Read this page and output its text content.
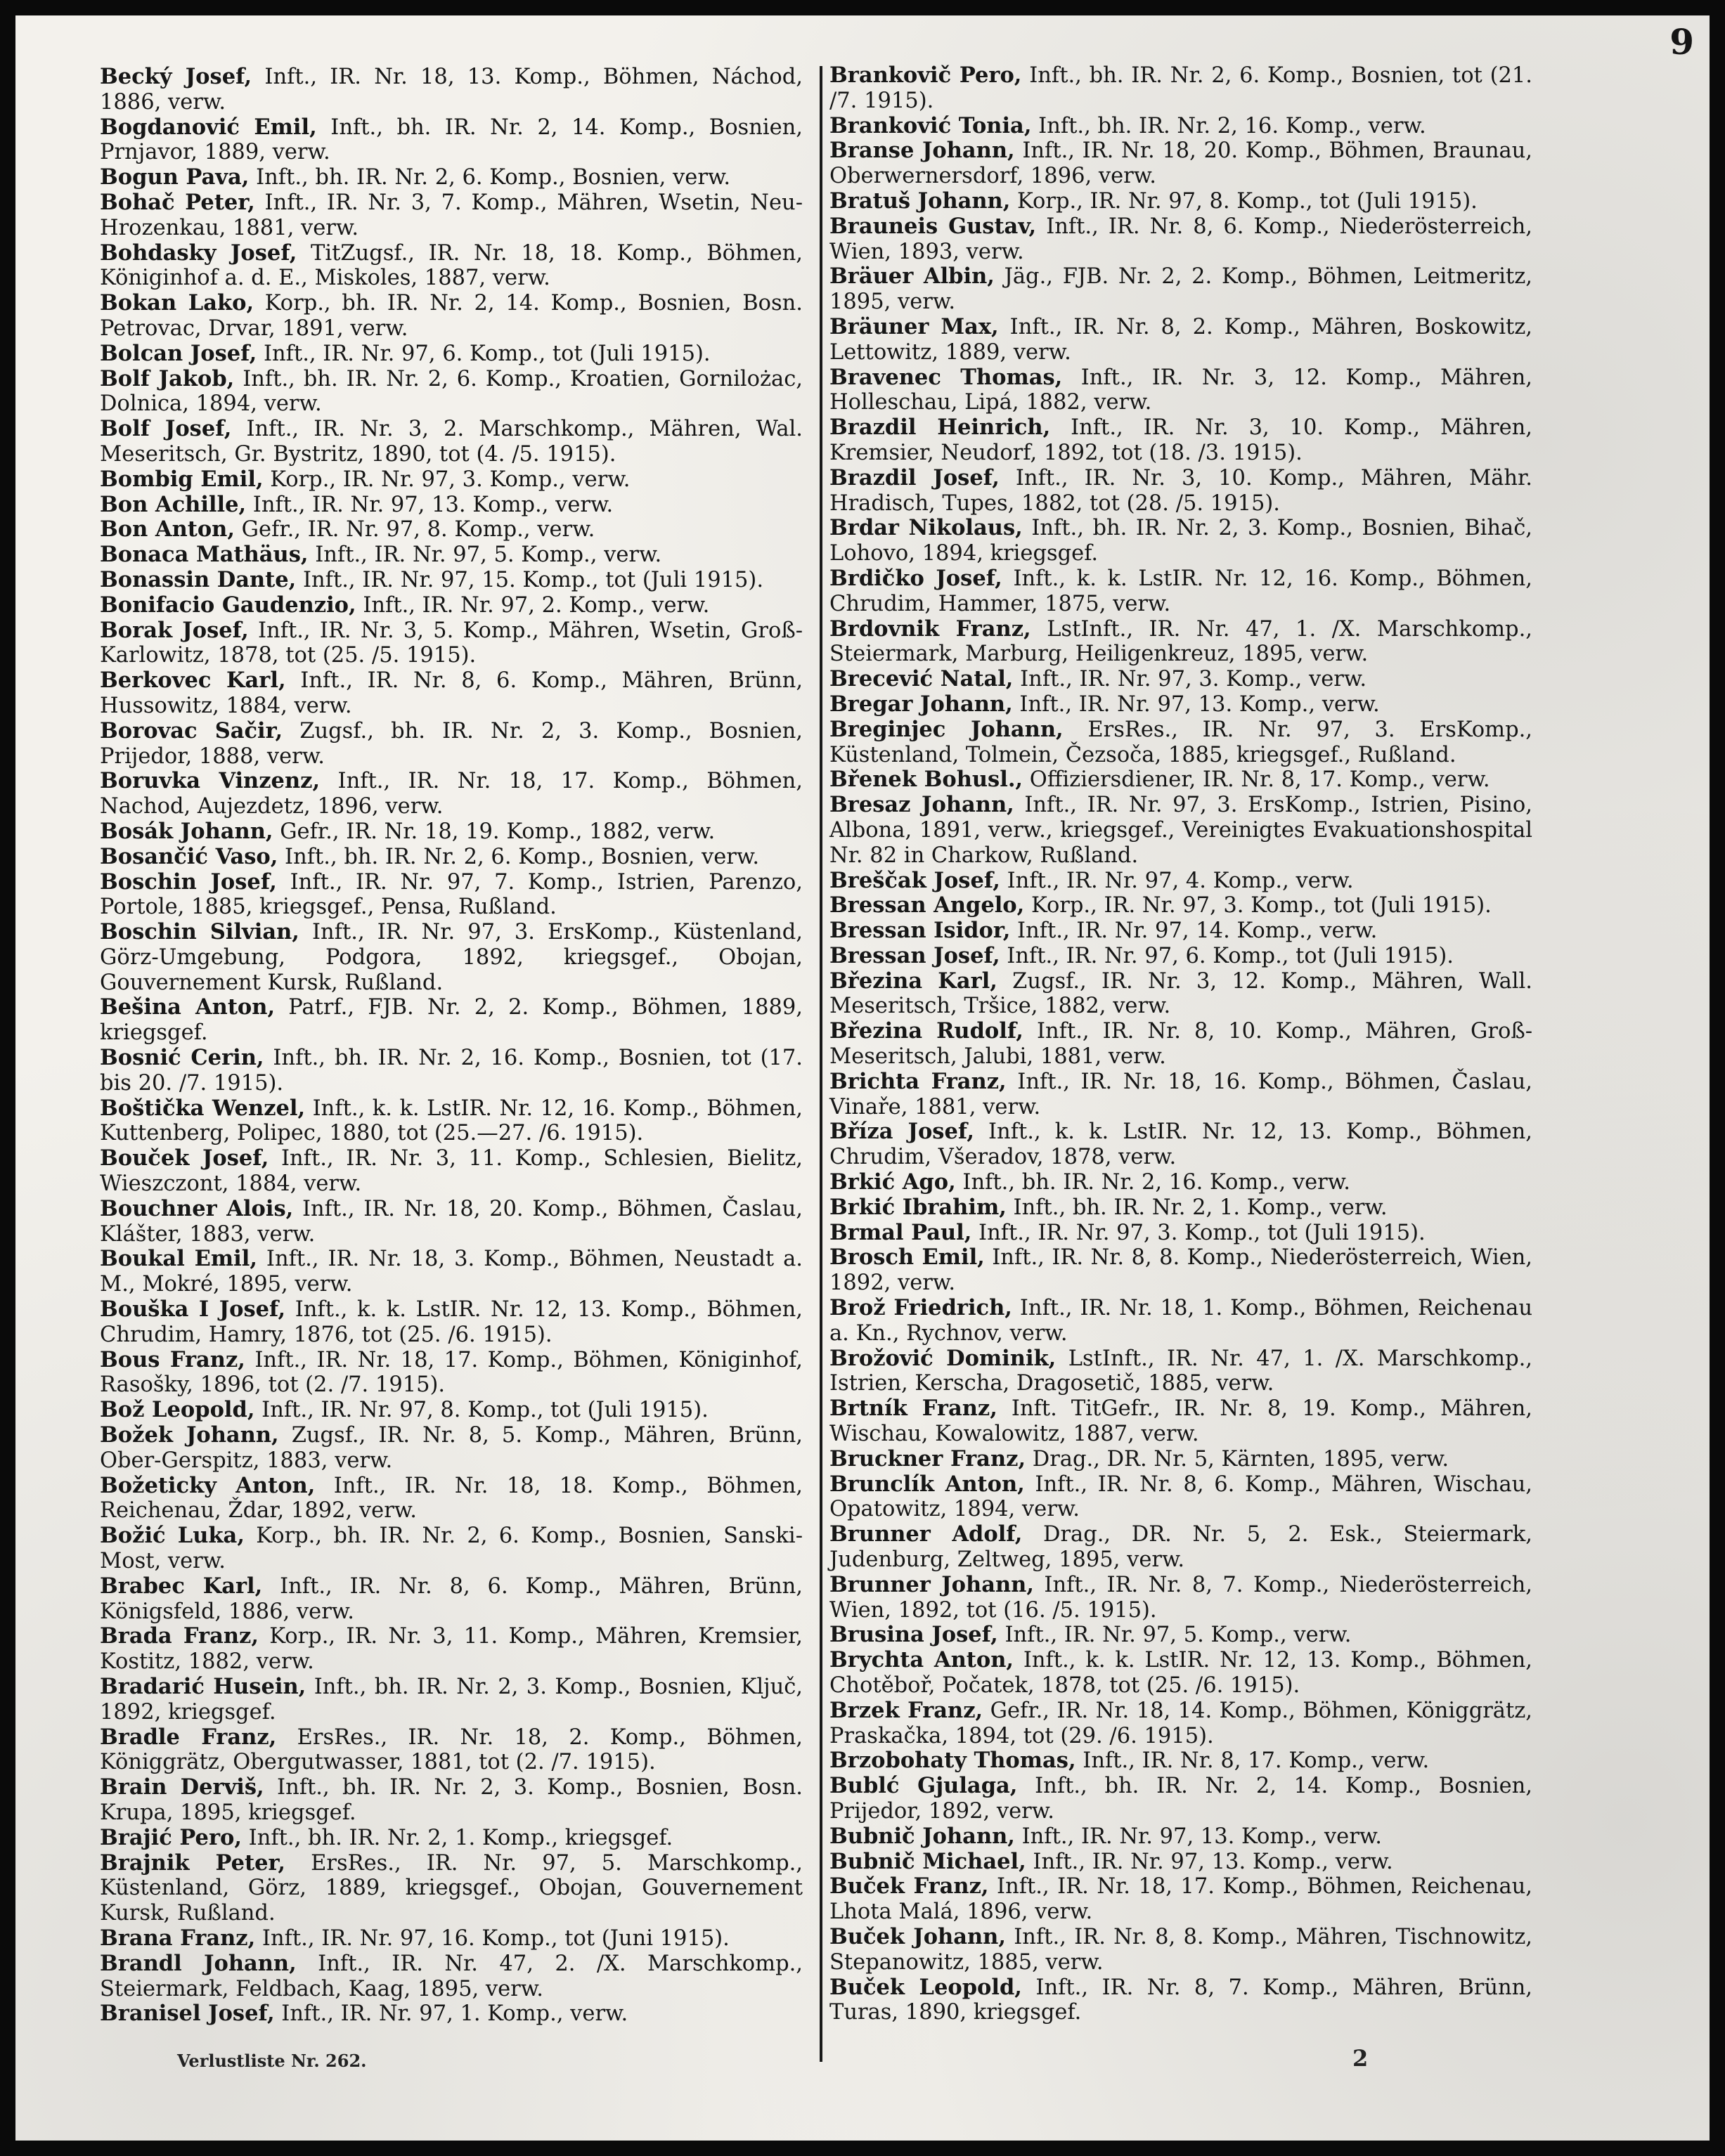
9

Becký Josef, Inft., IR. Nr. 18, 13. Komp., Böhmen, Náchod, 1886, verw.

Bogdanović Emil, Inft., bh. IR. Nr. 2, 14. Komp., Bosnien, Prnjavor, 1889, verw.

Bogun Pava, Inft., bh. IR. Nr. 2, 6. Komp., Bosnien, verw.

Bohač Peter, Inft., IR. Nr. 3, 7. Komp., Mähren, Wsetin, Neu-Hrozenkau, 1881, verw.

Bohdasky Josef, TitZugsf., IR. Nr. 18, 18. Komp., Böhmen, Königinhof a. d. E., Miskoles, 1887, verw.

Bokan Lako, Korp., bh. IR. Nr. 2, 14. Komp., Bosnien, Bosn. Petrovac, Drvar, 1891, verw.

Bolcan Josef, Inft., IR. Nr. 97, 6. Komp., tot (Juli 1915).

Bolf Jakob, Inft., bh. IR. Nr. 2, 6. Komp., Kroatien, Gornilożac, Dolnica, 1894, verw.

Bolf Josef, Inft., IR. Nr. 3, 2. Marschkomp., Mähren, Wal. Meseritsch, Gr. Bystritz, 1890, tot (4. /5. 1915).

Bombig Emil, Korp., IR. Nr. 97, 3. Komp., verw.

Bon Achille, Inft., IR. Nr. 97, 13. Komp., verw.

Bon Anton, Gefr., IR. Nr. 97, 8. Komp., verw.

Bonaca Mathäus, Inft., IR. Nr. 97, 5. Komp., verw.

Bonassin Dante, Inft., IR. Nr. 97, 15. Komp., tot (Juli 1915).

Bonifacio Gaudenzio, Inft., IR. Nr. 97, 2. Komp., verw.

Borak Josef, Inft., IR. Nr. 3, 5. Komp., Mähren, Wsetin, Groß-Karlowitz, 1878, tot (25. /5. 1915).

Berkovec Karl, Inft., IR. Nr. 8, 6. Komp., Mähren, Brünn, Hussowitz, 1884, verw.

Borovac Sačir, Zugsf., bh. IR. Nr. 2, 3. Komp., Bosnien, Prijedor, 1888, verw.

Boruvka Vinzenz, Inft., IR. Nr. 18, 17. Komp., Böhmen, Nachod, Aujezdetz, 1896, verw.

Bosák Johann, Gefr., IR. Nr. 18, 19. Komp., 1882, verw.

Bosančić Vaso, Inft., bh. IR. Nr. 2, 6. Komp., Bosnien, verw.

Boschin Josef, Inft., IR. Nr. 97, 7. Komp., Istrien, Parenzo, Portole, 1885, kriegsgef., Pensa, Rußland.

Boschin Silvian, Inft., IR. Nr. 97, 3. ErsKomp., Küstenland, Görz-Umgebung, Podgora, 1892, kriegsgef., Obojan, Gouvernement Kursk, Rußland.

Bešina Anton, Patrf., FJB. Nr. 2, 2. Komp., Böhmen, 1889, kriegsgef.

Bosnić Cerin, Inft., bh. IR. Nr. 2, 16. Komp., Bosnien, tot (17. bis 20. /7. 1915).

Boštička Wenzel, Inft., k. k. LstIR. Nr. 12, 16. Komp., Böhmen, Kuttenberg, Polipec, 1880, tot (25.—27. /6. 1915).

Bouček Josef, Inft., IR. Nr. 3, 11. Komp., Schlesien, Bielitz, Wieszczont, 1884, verw.

Bouchner Alois, Inft., IR. Nr. 18, 20. Komp., Böhmen, Časlau, Klášter, 1883, verw.

Boukal Emil, Inft., IR. Nr. 18, 3. Komp., Böhmen, Neustadt a. M., Mokré, 1895, verw.

Bouška I Josef, Inft., k. k. LstIR. Nr. 12, 13. Komp., Böhmen, Chrudim, Hamry, 1876, tot (25. /6. 1915).

Bous Franz, Inft., IR. Nr. 18, 17. Komp., Böhmen, Königinhof, Rasošky, 1896, tot (2. /7. 1915).

Bož Leopold, Inft., IR. Nr. 97, 8. Komp., tot (Juli 1915).

Božek Johann, Zugsf., IR. Nr. 8, 5. Komp., Mähren, Brünn, Ober-Gerspitz, 1883, verw.

Božeticky Anton, Inft., IR. Nr. 18, 18. Komp., Böhmen, Reichenau, Ždar, 1892, verw.

Božić Luka, Korp., bh. IR. Nr. 2, 6. Komp., Bosnien, Sanski-Most, verw.

Brabec Karl, Inft., IR. Nr. 8, 6. Komp., Mähren, Brünn, Königsfeld, 1886, verw.

Brada Franz, Korp., IR. Nr. 3, 11. Komp., Mähren, Kremsier, Kostitz, 1882, verw.

Bradarić Husein, Inft., bh. IR. Nr. 2, 3. Komp., Bosnien, Ključ, 1892, kriegsgef.

Bradle Franz, ErsRes., IR. Nr. 18, 2. Komp., Böhmen, Königgrätz, Obergutwasser, 1881, tot (2. /7. 1915).

Brain Derviš, Inft., bh. IR. Nr. 2, 3. Komp., Bosnien, Bosn. Krupa, 1895, kriegsgef.

Brajić Pero, Inft., bh. IR. Nr. 2, 1. Komp., kriegsgef.

Brajnik Peter, ErsRes., IR. Nr. 97, 5. Marschkomp., Küstenland, Görz, 1889, kriegsgef., Obojan, Gouvernement Kursk, Rußland.

Brana Franz, Inft., IR. Nr. 97, 16. Komp., tot (Juni 1915).

Brandl Johann, Inft., IR. Nr. 47, 2. /X. Marschkomp., Steiermark, Feldbach, Kaag, 1895, verw.

Branisel Josef, Inft., IR. Nr. 97, 1. Komp., verw.

Brankovič Pero, Inft., bh. IR. Nr. 2, 6. Komp., Bosnien, tot (21. /7. 1915).

Branković Tonia, Inft., bh. IR. Nr. 2, 16. Komp., verw.

Branse Johann, Inft., IR. Nr. 18, 20. Komp., Böhmen, Braunau, Oberwernersdorf, 1896, verw.

Bratuš Johann, Korp., IR. Nr. 97, 8. Komp., tot (Juli 1915).

Brauneis Gustav, Inft., IR. Nr. 8, 6. Komp., Niederösterreich, Wien, 1893, verw.

Bräuer Albin, Jäg., FJB. Nr. 2, 2. Komp., Böhmen, Leitmeritz, 1895, verw.

Bräuner Max, Inft., IR. Nr. 8, 2. Komp., Mähren, Boskowitz, Lettowitz, 1889, verw.

Bravenec Thomas, Inft., IR. Nr. 3, 12. Komp., Mähren, Holleschau, Lipá, 1882, verw.

Brazdil Heinrich, Inft., IR. Nr. 3, 10. Komp., Mähren, Kremsier, Neudorf, 1892, tot (18. /3. 1915).

Brazdil Josef, Inft., IR. Nr. 3, 10. Komp., Mähren, Mähr. Hradisch, Tupes, 1882, tot (28. /5. 1915).

Brdar Nikolaus, Inft., bh. IR. Nr. 2, 3. Komp., Bosnien, Bihač, Lohovo, 1894, kriegsgef.

Brdičko Josef, Inft., k. k. LstIR. Nr. 12, 16. Komp., Böhmen, Chrudim, Hammer, 1875, verw.

Brdovnik Franz, LstInft., IR. Nr. 47, 1. /X. Marschkomp., Steiermark, Marburg, Heiligenkreuz, 1895, verw.

Brecević Natal, Inft., IR. Nr. 97, 3. Komp., verw.

Bregar Johann, Inft., IR. Nr. 97, 13. Komp., verw.

Breginjec Johann, ErsRes., IR. Nr. 97, 3. ErsKomp., Küstenland, Tolmein, Čezsoča, 1885, kriegsgef., Rußland.

Břenek Bohusl., Offiziersdiener, IR. Nr. 8, 17. Komp., verw.

Bresaz Johann, Inft., IR. Nr. 97, 3. ErsKomp., Istrien, Pisino, Albona, 1891, verw., kriegsgef., Vereinigtes Evakuationshospital Nr. 82 in Charkow, Rußland.

Breščak Josef, Inft., IR. Nr. 97, 4. Komp., verw.

Bressan Angelo, Korp., IR. Nr. 97, 3. Komp., tot (Juli 1915).

Bressan Isidor, Inft., IR. Nr. 97, 14. Komp., verw.

Bressan Josef, Inft., IR. Nr. 97, 6. Komp., tot (Juli 1915).

Březina Karl, Zugsf., IR. Nr. 3, 12. Komp., Mähren, Wall. Meseritsch, Tršice, 1882, verw.

Březina Rudolf, Inft., IR. Nr. 8, 10. Komp., Mähren, Groß-Meseritsch, Jalubi, 1881, verw.

Brichta Franz, Inft., IR. Nr. 18, 16. Komp., Böhmen, Časlau, Vinaře, 1881, verw.

Bříza Josef, Inft., k. k. LstIR. Nr. 12, 13. Komp., Böhmen, Chrudim, Všeradov, 1878, verw.

Brkić Ago, Inft., bh. IR. Nr. 2, 16. Komp., verw.

Brkić Ibrahim, Inft., bh. IR. Nr. 2, 1. Komp., verw.

Brmal Paul, Inft., IR. Nr. 97, 3. Komp., tot (Juli 1915).

Brosch Emil, Inft., IR. Nr. 8, 8. Komp., Niederösterreich, Wien, 1892, verw.

Brož Friedrich, Inft., IR. Nr. 18, 1. Komp., Böhmen, Reichenau a. Kn., Rychnov, verw.

Brožović Dominik, LstInft., IR. Nr. 47, 1. /X. Marschkomp., Istrien, Kerscha, Dragosetič, 1885, verw.

Brtník Franz, Inft. TitGefr., IR. Nr. 8, 19. Komp., Mähren, Wischau, Kowalowitz, 1887, verw.

Bruckner Franz, Drag., DR. Nr. 5, Kärnten, 1895, verw.

Brunclík Anton, Inft., IR. Nr. 8, 6. Komp., Mähren, Wischau, Opatowitz, 1894, verw.

Brunner Adolf, Drag., DR. Nr. 5, 2. Esk., Steiermark, Judenburg, Zeltweg, 1895, verw.

Brunner Johann, Inft., IR. Nr. 8, 7. Komp., Niederösterreich, Wien, 1892, tot (16. /5. 1915).

Brusina Josef, Inft., IR. Nr. 97, 5. Komp., verw.

Brychta Anton, Inft., k. k. LstIR. Nr. 12, 13. Komp., Böhmen, Chotěboř, Počatek, 1878, tot (25. /6. 1915).

Brzek Franz, Gefr., IR. Nr. 18, 14. Komp., Böhmen, Königgrätz, Praskačka, 1894, tot (29. /6. 1915).

Brzobohaty Thomas, Inft., IR. Nr. 8, 17. Komp., verw.

Bublć Gjulaga, Inft., bh. IR. Nr. 2, 14. Komp., Bosnien, Prijedor, 1892, verw.

Bubnič Johann, Inft., IR. Nr. 97, 13. Komp., verw.

Bubnič Michael, Inft., IR. Nr. 97, 13. Komp., verw.

Buček Franz, Inft., IR. Nr. 18, 17. Komp., Böhmen, Reichenau, Lhota Malá, 1896, verw.

Buček Johann, Inft., IR. Nr. 8, 8. Komp., Mähren, Tischnowitz, Stepanowitz, 1885, verw.

Buček Leopold, Inft., IR. Nr. 8, 7. Komp., Mähren, Brünn, Turas, 1890, kriegsgef.

Verlustliste Nr. 262.	2
